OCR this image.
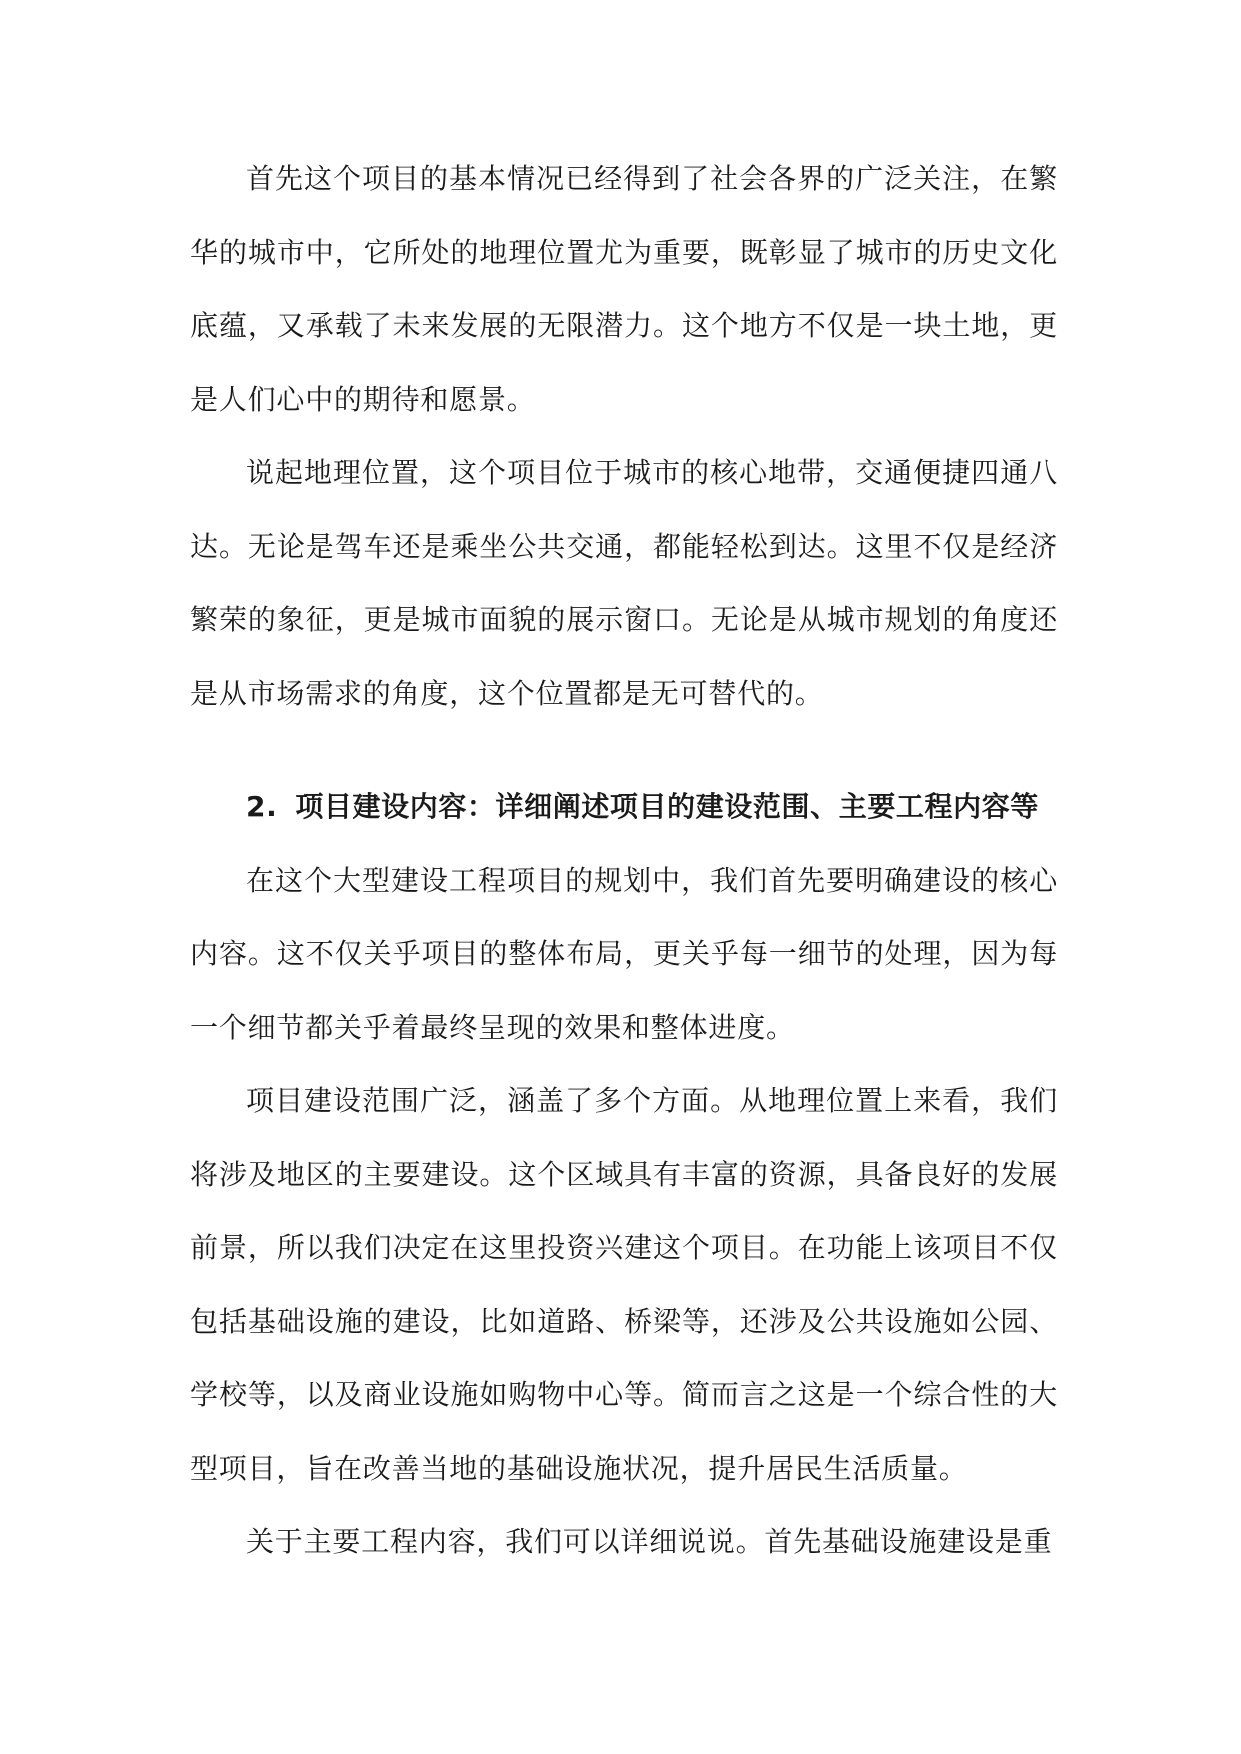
首先这个项目的基本情况已经得到了社会各界的广泛关注，在繁华的城市中，它所处的地理位置尤为重要，既彰显了城市的历史文化底蕴，又承载了未来发展的无限潜力。这个地方不仅是一块土地，更是人们心中的期待和愿景。

说起地理位置，这个项目位于城市的核心地带，交通便捷四通八达。无论是驾车还是乘坐公共交通，都能轻松到达。这里不仅是经济繁荣的象征，更是城市面貌的展示窗口。无论是从城市规划的角度还是从市场需求的角度，这个位置都是无可替代的。

2. 项目建设内容：详细阐述项目的建设范围、主要工程内容等

在这个大型建设工程项目的规划中，我们首先要明确建设的核心内容。这不仅关乎项目的整体布局，更关乎每一细节的处理，因为每一个细节都关乎着最终呈现的效果和整体进度。

项目建设范围广泛，涵盖了多个方面。从地理位置上来看，我们将涉及地区的主要建设。这个区域具有丰富的资源，具备良好的发展前景，所以我们决定在这里投资兴建这个项目。在功能上该项目不仅包括基础设施的建设，比如道路、桥梁等，还涉及公共设施如公园、学校等，以及商业设施如购物中心等。简而言之这是一个综合性的大型项目，旨在改善当地的基础设施状况，提升居民生活质量。

关于主要工程内容，我们可以详细说说。首先基础设施建设是重
